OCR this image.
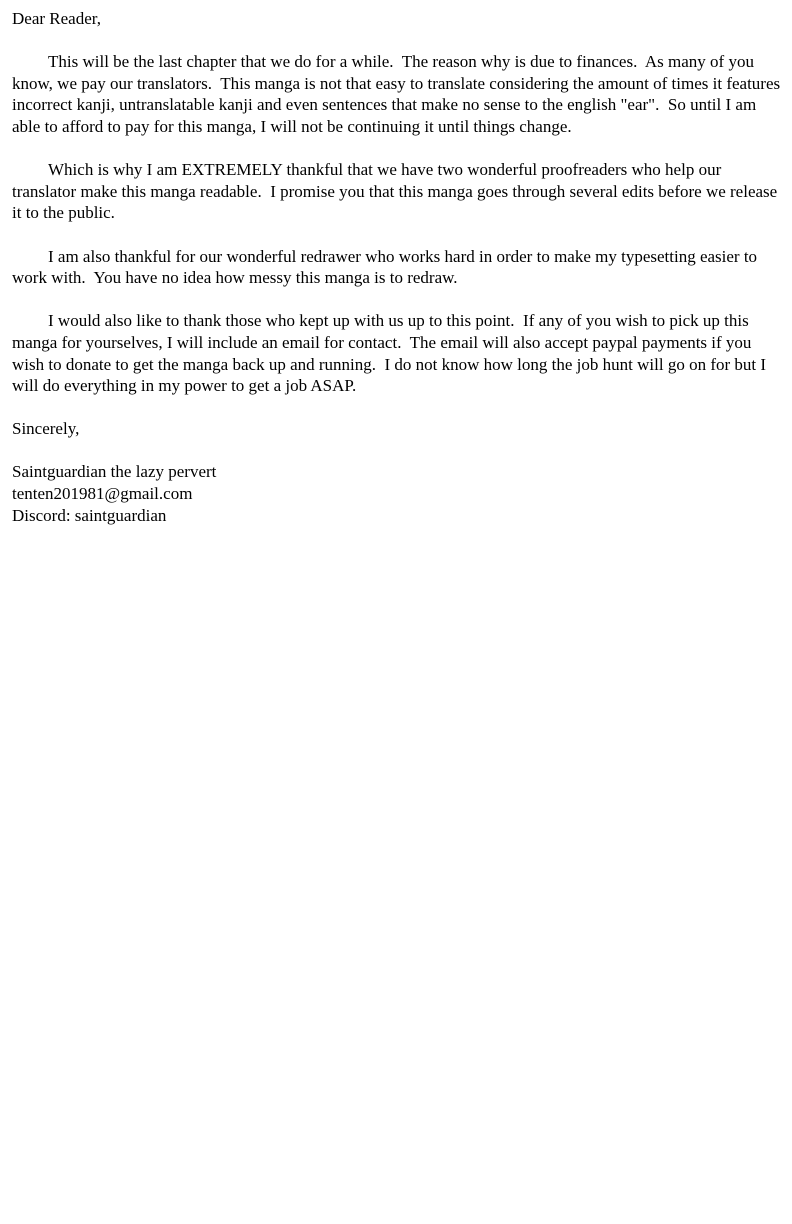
Dear Reader,

This will be the last chapter that we do for a while.  The reason why is due to finances.  As many of you know, we pay our translators.  This manga is not that easy to translate considering the amount of times it features incorrect kanji, untranslatable kanji and even sentences that make no sense to the english "ear".  So until I am able to afford to pay for this manga, I will not be continuing it until things change.

Which is why I am EXTREMELY thankful that we have two wonderful proofreaders who help our translator make this manga readable.  I promise you that this manga goes through several edits before we release it to the public.

I am also thankful for our wonderful redrawer who works hard in order to make my typesetting easier to work with.  You have no idea how messy this manga is to redraw.

I would also like to thank those who kept up with us up to this point.  If any of you wish to pick up this manga for yourselves, I will include an email for contact.  The email will also accept paypal payments if you wish to donate to get the manga back up and running.  I do not know how long the job hunt will go on for but I will do everything in my power to get a job ASAP.

Sincerely,

Saintguardian the lazy pervert

tenten201981@gmail.com

Discord: saintguardian
